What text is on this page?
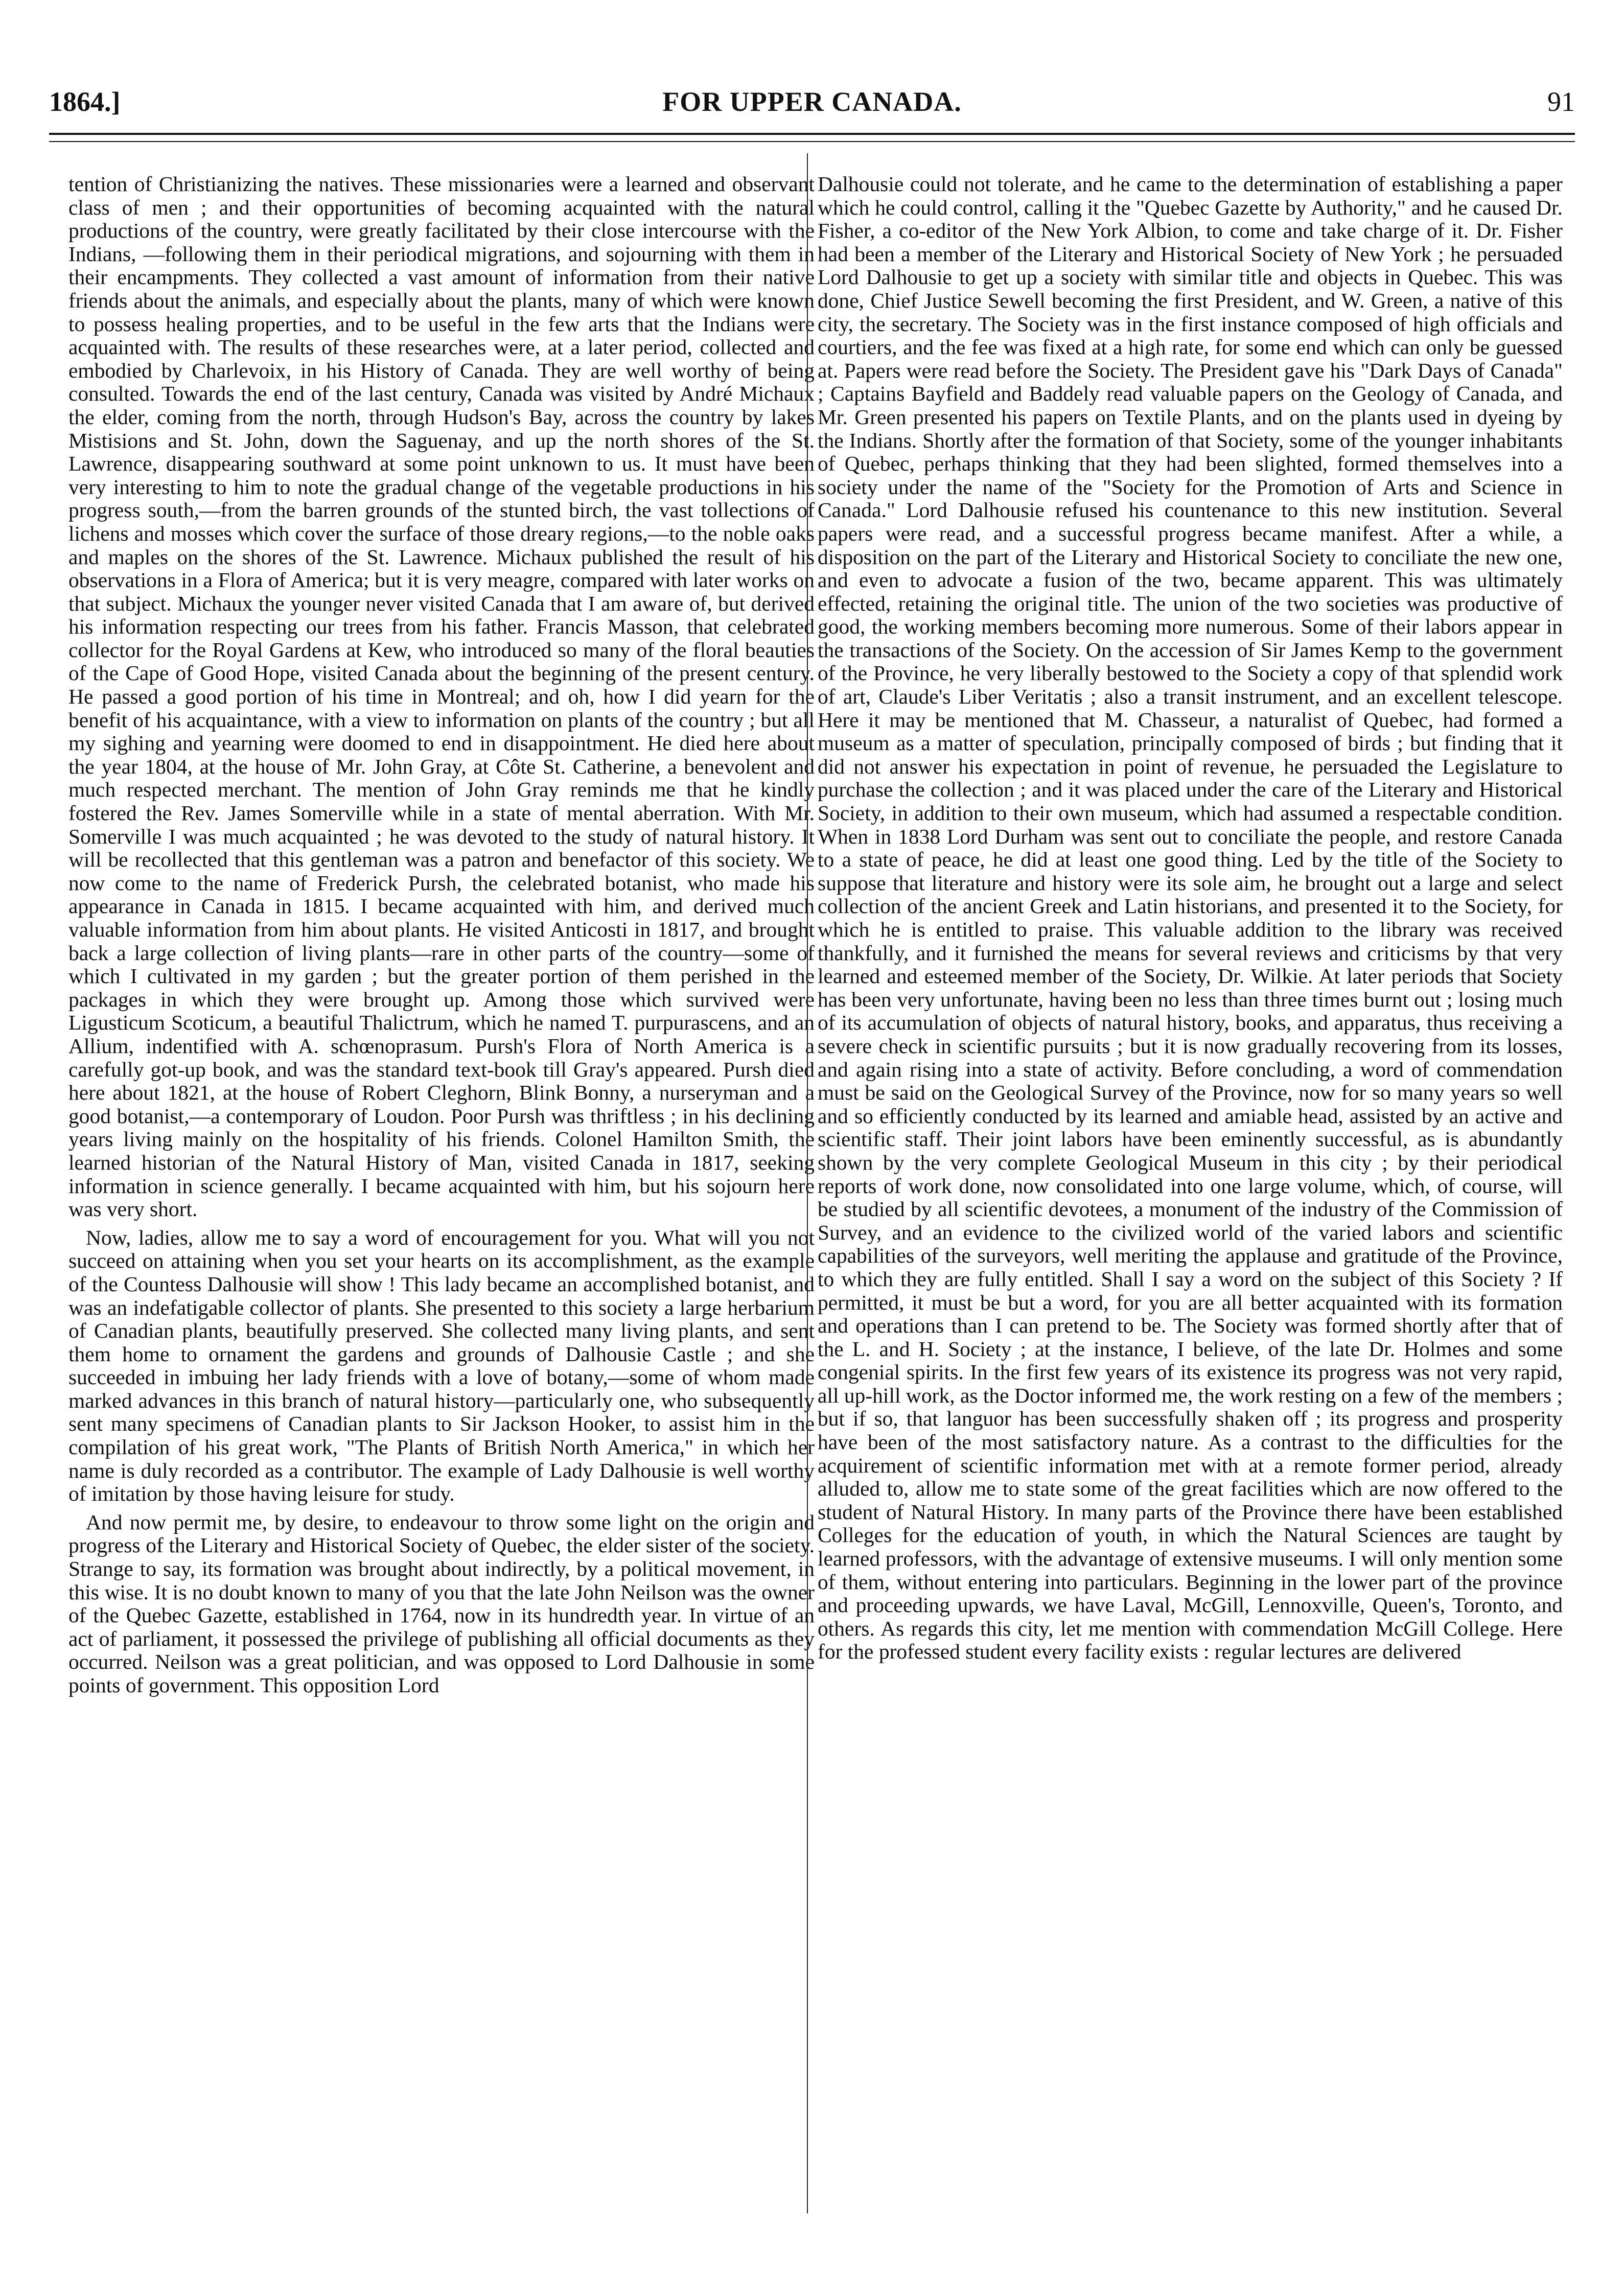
1864.]	FOR UPPER CANADA.	91

tention of Christianizing the natives. These missionaries were a learned and observant class of men ; and their opportunities of becoming acquainted with the natural productions of the country, were greatly facilitated by their close intercourse with the Indians, —following them in their periodical migrations, and sojourning with them in their encampments. They collected a vast amount of information from their native friends about the animals, and especially about the plants, many of which were known to possess healing properties, and to be useful in the few arts that the Indians were acquainted with. The results of these researches were, at a later period, collected and embodied by Charlevoix, in his History of Canada. They are well worthy of being consulted. Towards the end of the last century, Canada was visited by André Michaux the elder, coming from the north, through Hudson's Bay, across the country by lakes Mistisions and St. John, down the Saguenay, and up the north shores of the St. Lawrence, disappearing southward at some point unknown to us. It must have been very interesting to him to note the gradual change of the vegetable productions in his progress south,—from the barren grounds of the stunted birch, the vast tollections of lichens and mosses which cover the surface of those dreary regions,—to the noble oaks and maples on the shores of the St. Lawrence. Michaux published the result of his observations in a Flora of America; but it is very meagre, compared with later works on that subject. Michaux the younger never visited Canada that I am aware of, but derived his information respecting our trees from his father. Francis Masson, that celebrated collector for the Royal Gardens at Kew, who introduced so many of the floral beauties of the Cape of Good Hope, visited Canada about the beginning of the present century. He passed a good portion of his time in Montreal; and oh, how I did yearn for the benefit of his acquaintance, with a view to information on plants of the country ; but all my sighing and yearning were doomed to end in disappointment. He died here about the year 1804, at the house of Mr. John Gray, at Côte St. Catherine, a benevolent and much respected merchant. The mention of John Gray reminds me that he kindly fostered the Rev. James Somerville while in a state of mental aberration. With Mr. Somerville I was much acquainted ; he was devoted to the study of natural history. It will be recollected that this gentleman was a patron and benefactor of this society. We now come to the name of Frederick Pursh, the celebrated botanist, who made his appearance in Canada in 1815. I became acquainted with him, and derived much valuable information from him about plants. He visited Anticosti in 1817, and brought back a large collection of living plants—rare in other parts of the country—some of which I cultivated in my garden ; but the greater portion of them perished in the packages in which they were brought up. Among those which survived were Ligusticum Scoticum, a beautiful Thalictrum, which he named T. purpurascens, and an Allium, indentified with A. schœnoprasum. Pursh's Flora of North America is a carefully got-up book, and was the standard text-book till Gray's appeared. Pursh died here about 1821, at the house of Robert Cleghorn, Blink Bonny, a nurseryman and a good botanist,—a contemporary of Loudon. Poor Pursh was thriftless ; in his declining years living mainly on the hospitality of his friends. Colonel Hamilton Smith, the learned historian of the Natural History of Man, visited Canada in 1817, seeking information in science generally. I became acquainted with him, but his sojourn here was very short.

Now, ladies, allow me to say a word of encouragement for you. What will you not succeed on attaining when you set your hearts on its accomplishment, as the example of the Countess Dalhousie will show ! This lady became an accomplished botanist, and was an indefatigable collector of plants. She presented to this society a large herbarium of Canadian plants, beautifully preserved. She collected many living plants, and sent them home to ornament the gardens and grounds of Dalhousie Castle ; and she succeeded in imbuing her lady friends with a love of botany,—some of whom made marked advances in this branch of natural history—particularly one, who subsequently sent many specimens of Canadian plants to Sir Jackson Hooker, to assist him in the compilation of his great work, "The Plants of British North America," in which her name is duly recorded as a contributor. The example of Lady Dalhousie is well worthy of imitation by those having leisure for study.

And now permit me, by desire, to endeavour to throw some light on the origin and progress of the Literary and Historical Society of Quebec, the elder sister of the society. Strange to say, its formation was brought about indirectly, by a political movement, in this wise. It is no doubt known to many of you that the late John Neilson was the owner of the Quebec Gazette, established in 1764, now in its hundredth year. In virtue of an act of parliament, it possessed the privilege of publishing all official documents as they occurred. Neilson was a great politician, and was opposed to Lord Dalhousie in some points of government. This opposition Lord

Dalhousie could not tolerate, and he came to the determination of establishing a paper which he could control, calling it the "Quebec Gazette by Authority," and he caused Dr. Fisher, a co-editor of the New York Albion, to come and take charge of it. Dr. Fisher had been a member of the Literary and Historical Society of New York ; he persuaded Lord Dalhousie to get up a society with similar title and objects in Quebec. This was done, Chief Justice Sewell becoming the first President, and W. Green, a native of this city, the secretary. The Society was in the first instance composed of high officials and courtiers, and the fee was fixed at a high rate, for some end which can only be guessed at. Papers were read before the Society. The President gave his "Dark Days of Canada" ; Captains Bayfield and Baddely read valuable papers on the Geology of Canada, and Mr. Green presented his papers on Textile Plants, and on the plants used in dyeing by the Indians. Shortly after the formation of that Society, some of the younger inhabitants of Quebec, perhaps thinking that they had been slighted, formed themselves into a society under the name of the "Society for the Promotion of Arts and Science in Canada." Lord Dalhousie refused his countenance to this new institution. Several papers were read, and a successful progress became manifest. After a while, a disposition on the part of the Literary and Historical Society to conciliate the new one, and even to advocate a fusion of the two, became apparent. This was ultimately effected, retaining the original title. The union of the two societies was productive of good, the working members becoming more numerous. Some of their labors appear in the transactions of the Society. On the accession of Sir James Kemp to the government of the Province, he very liberally bestowed to the Society a copy of that splendid work of art, Claude's Liber Veritatis ; also a transit instrument, and an excellent telescope. Here it may be mentioned that M. Chasseur, a naturalist of Quebec, had formed a museum as a matter of speculation, principally composed of birds ; but finding that it did not answer his expectation in point of revenue, he persuaded the Legislature to purchase the collection ; and it was placed under the care of the Literary and Historical Society, in addition to their own museum, which had assumed a respectable condition. When in 1838 Lord Durham was sent out to conciliate the people, and restore Canada to a state of peace, he did at least one good thing. Led by the title of the Society to suppose that literature and history were its sole aim, he brought out a large and select collection of the ancient Greek and Latin historians, and presented it to the Society, for which he is entitled to praise. This valuable addition to the library was received thankfully, and it furnished the means for several reviews and criticisms by that very learned and esteemed member of the Society, Dr. Wilkie. At later periods that Society has been very unfortunate, having been no less than three times burnt out ; losing much of its accumulation of objects of natural history, books, and apparatus, thus receiving a severe check in scientific pursuits ; but it is now gradually recovering from its losses, and again rising into a state of activity. Before concluding, a word of commendation must be said on the Geological Survey of the Province, now for so many years so well and so efficiently conducted by its learned and amiable head, assisted by an active and scientific staff. Their joint labors have been eminently successful, as is abundantly shown by the very complete Geological Museum in this city ; by their periodical reports of work done, now consolidated into one large volume, which, of course, will be studied by all scientific devotees, a monument of the industry of the Commission of Survey, and an evidence to the civilized world of the varied labors and scientific capabilities of the surveyors, well meriting the applause and gratitude of the Province, to which they are fully entitled. Shall I say a word on the subject of this Society ? If permitted, it must be but a word, for you are all better acquainted with its formation and operations than I can pretend to be. The Society was formed shortly after that of the L. and H. Society ; at the instance, I believe, of the late Dr. Holmes and some congenial spirits. In the first few years of its existence its progress was not very rapid, all up-hill work, as the Doctor informed me, the work resting on a few of the members ; but if so, that languor has been successfully shaken off ; its progress and prosperity have been of the most satisfactory nature. As a contrast to the difficulties for the acquirement of scientific information met with at a remote former period, already alluded to, allow me to state some of the great facilities which are now offered to the student of Natural History. In many parts of the Province there have been established Colleges for the education of youth, in which the Natural Sciences are taught by learned professors, with the advantage of extensive museums. I will only mention some of them, without entering into particulars. Beginning in the lower part of the province and proceeding upwards, we have Laval, McGill, Lennoxville, Queen's, Toronto, and others. As regards this city, let me mention with commendation McGill College. Here for the professed student every facility exists : regular lectures are delivered
